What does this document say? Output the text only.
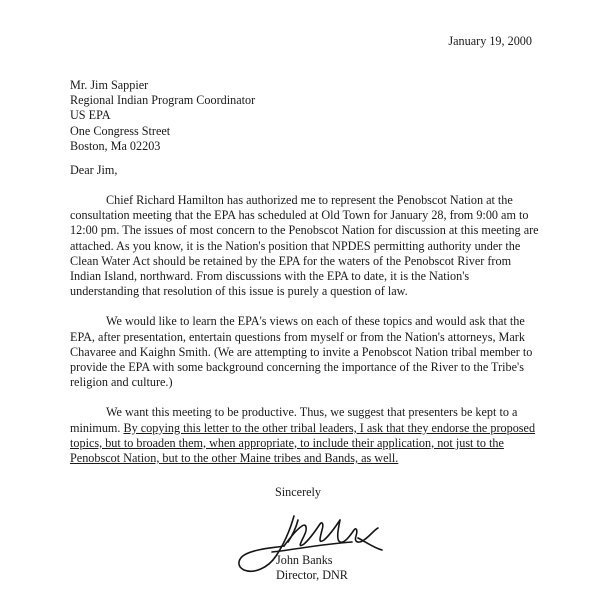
January 19, 2000
Mr. Jim Sappier
Regional Indian Program Coordinator
US EPA
One Congress Street
Boston, Ma 02203
Dear Jim,

Chief Richard Hamilton has authorized me to represent the Penobscot Nation at the consultation meeting that the EPA has scheduled at Old Town for January 28, from 9:00 am to 12:00 pm. The issues of most concern to the Penobscot Nation for discussion at this meeting are attached. As you know, it is the Nation's position that NPDES permitting authority under the Clean Water Act should be retained by the EPA for the waters of the Penobscot River from Indian Island, northward. From discussions with the EPA to date, it is the Nation's understanding that resolution of this issue is purely a question of law.

We would like to learn the EPA's views on each of these topics and would ask that the EPA, after presentation, entertain questions from myself or from the Nation's attorneys, Mark Chavaree and Kaighn Smith. (We are attempting to invite a Penobscot Nation tribal member to provide the EPA with some background concerning the importance of the River to the Tribe's religion and culture.)

We want this meeting to be productive. Thus, we suggest that presenters be kept to a minimum. By copying this letter to the other tribal leaders, I ask that they endorse the proposed topics, but to broaden them, when appropriate, to include their application, not just to the Penobscot Nation, but to the other Maine tribes and Bands, as well.

Sincerely
John Banks
Director, DNR
